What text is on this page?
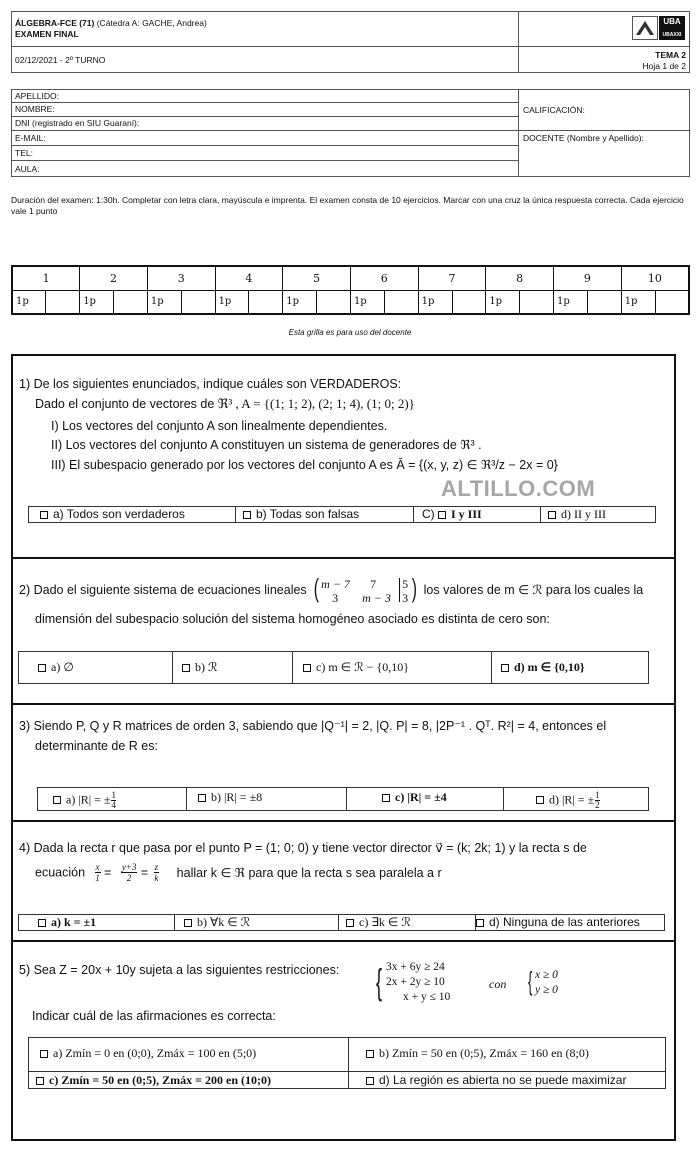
ÁLGEBRA-FCE (71) (Cátedra A: GACHE, Andrea)
EXAMEN FINAL
02/12/2021 - 2º TURNO
UBA
UBAXXI
TEMA 2
Hoja 1 de 2
APELLIDO:
NOMBRE:
DNI (registrado en SIU Guaraní):
E-MAIL:
TEL:
AULA:
CALIFICACIÓN:
DOCENTE (Nombre y Apellido):
Duración del examen: 1:30h. Completar con letra clara, mayúscula e imprenta. El examen consta de 10 ejercicios. Marcar con una cruz la única respuesta correcta. Cada ejercicio vale 1 punto
1		2		3		4		5		6		7		8		9		10	
1p		1p		1p		1p		1p		1p		1p		1p		1p		1p	
Esta grilla es para uso del docente
1) De los siguientes enunciados, indique cuáles son VERDADEROS:
Dado el conjunto de vectores de ℜ³ , A = {(1; 1; 2), (2; 1; 4), (1; 0; 2)}
I) Los vectores del conjunto A son linealmente dependientes.
II) Los vectores del conjunto A constituyen un sistema de generadores de ℜ³ .
III) El subespacio generado por los vectores del conjunto A es Ā = {(x, y, z) ∈ ℜ³/z − 2x = 0}
ALTILLO.COM
a) Todos son verdaderos	b) Todas son falsas	C) I y III	d) II y III
2) Dado el siguiente sistema de ecuaciones lineales ( m − 7 7
3 m − 3
5
3 ) los valores de m ∈ ℛ para los cuales la
dimensión del subespacio solución del sistema homogéneo asociado es distinta de cero son:
a) ∅	b) ℛ	c) m ∈ ℛ − {0,10}	d) m ∈ {0,10}
3) Siendo P, Q y R matrices de orden 3, sabiendo que |Q⁻¹| = 2, |Q. P| = 8, |2P⁻¹ . Qᵀ. R²| = 4, entonces el
determinante de R es:
a) |R| = ± $\frac{1}{4}$	b) |R| = ±8	c) |R| = ±4	d) |R| = ± $\frac{1}{2}$
4) Dada la recta r que pasa por el punto P = (1; 0; 0) y tiene vector director v⃗ = (k; 2k; 1) y la recta s de
ecuación $\frac{x}{1} = \frac{y+3}{2} = \frac{z}{k}$ hallar k ∈ ℜ para que la recta s sea paralela a r
a) k = ±1	b) ∀k ∈ ℛ	c) ∃k ∈ ℛ	d) Ninguna de las anteriores
5) Sea Z = 20x + 10y sujeta a las siguientes restricciones: { 3x + 6y ≥ 24
2x + 2y ≥ 10
x + y ≤ 10
con { x ≥ 0
y ≥ 0
Indicar cuál de las afirmaciones es correcta:
a) Zmín = 0 en (0;0), Zmáx = 100 en (5;0)	b) Zmín = 50 en (0;5), Zmáx = 160 en (8;0)
c) Zmín = 50 en (0;5), Zmáx = 200 en (10;0)	d) La región es abierta no se puede maximizar
